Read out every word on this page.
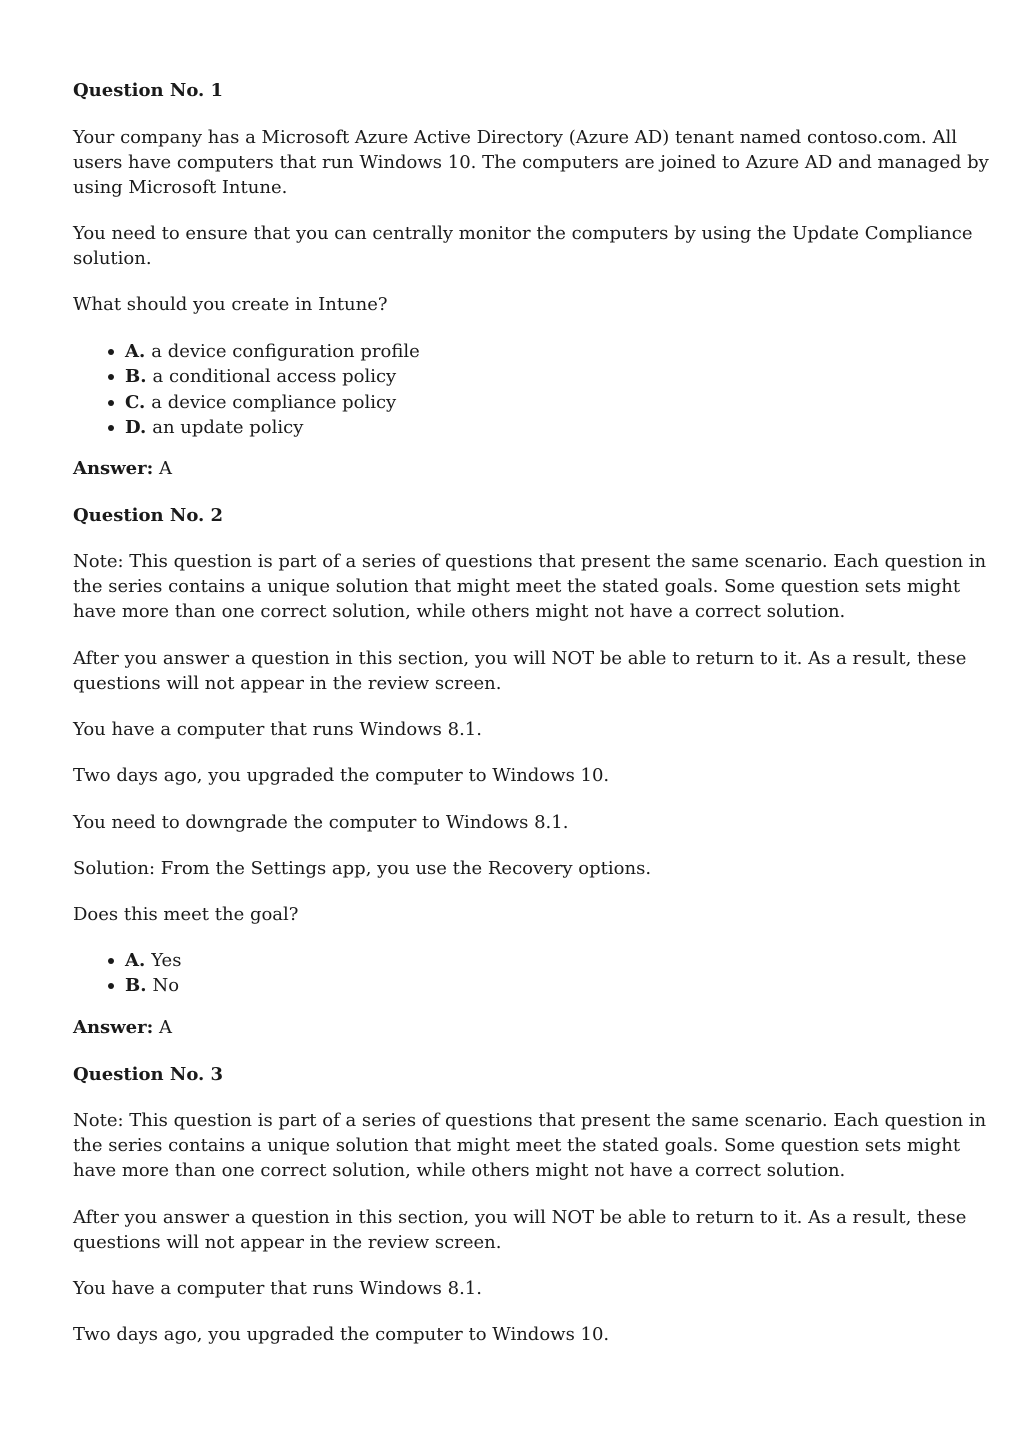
Question No. 1
Your company has a Microsoft Azure Active Directory (Azure AD) tenant named contoso.com. All
users have computers that run Windows 10. The computers are joined to Azure AD and managed by
using Microsoft Intune.
You need to ensure that you can centrally monitor the computers by using the Update Compliance
solution.
What should you create in Intune?
A. a device configuration profile
B. a conditional access policy
C. a device compliance policy
D. an update policy
Answer: A
Question No. 2
Note: This question is part of a series of questions that present the same scenario. Each question in
the series contains a unique solution that might meet the stated goals. Some question sets might
have more than one correct solution, while others might not have a correct solution.
After you answer a question in this section, you will NOT be able to return to it. As a result, these
questions will not appear in the review screen.
You have a computer that runs Windows 8.1.
Two days ago, you upgraded the computer to Windows 10.
You need to downgrade the computer to Windows 8.1.
Solution: From the Settings app, you use the Recovery options.
Does this meet the goal?
A. Yes
B. No
Answer: A
Question No. 3
Note: This question is part of a series of questions that present the same scenario. Each question in
the series contains a unique solution that might meet the stated goals. Some question sets might
have more than one correct solution, while others might not have a correct solution.
After you answer a question in this section, you will NOT be able to return to it. As a result, these
questions will not appear in the review screen.
You have a computer that runs Windows 8.1.
Two days ago, you upgraded the computer to Windows 10.
